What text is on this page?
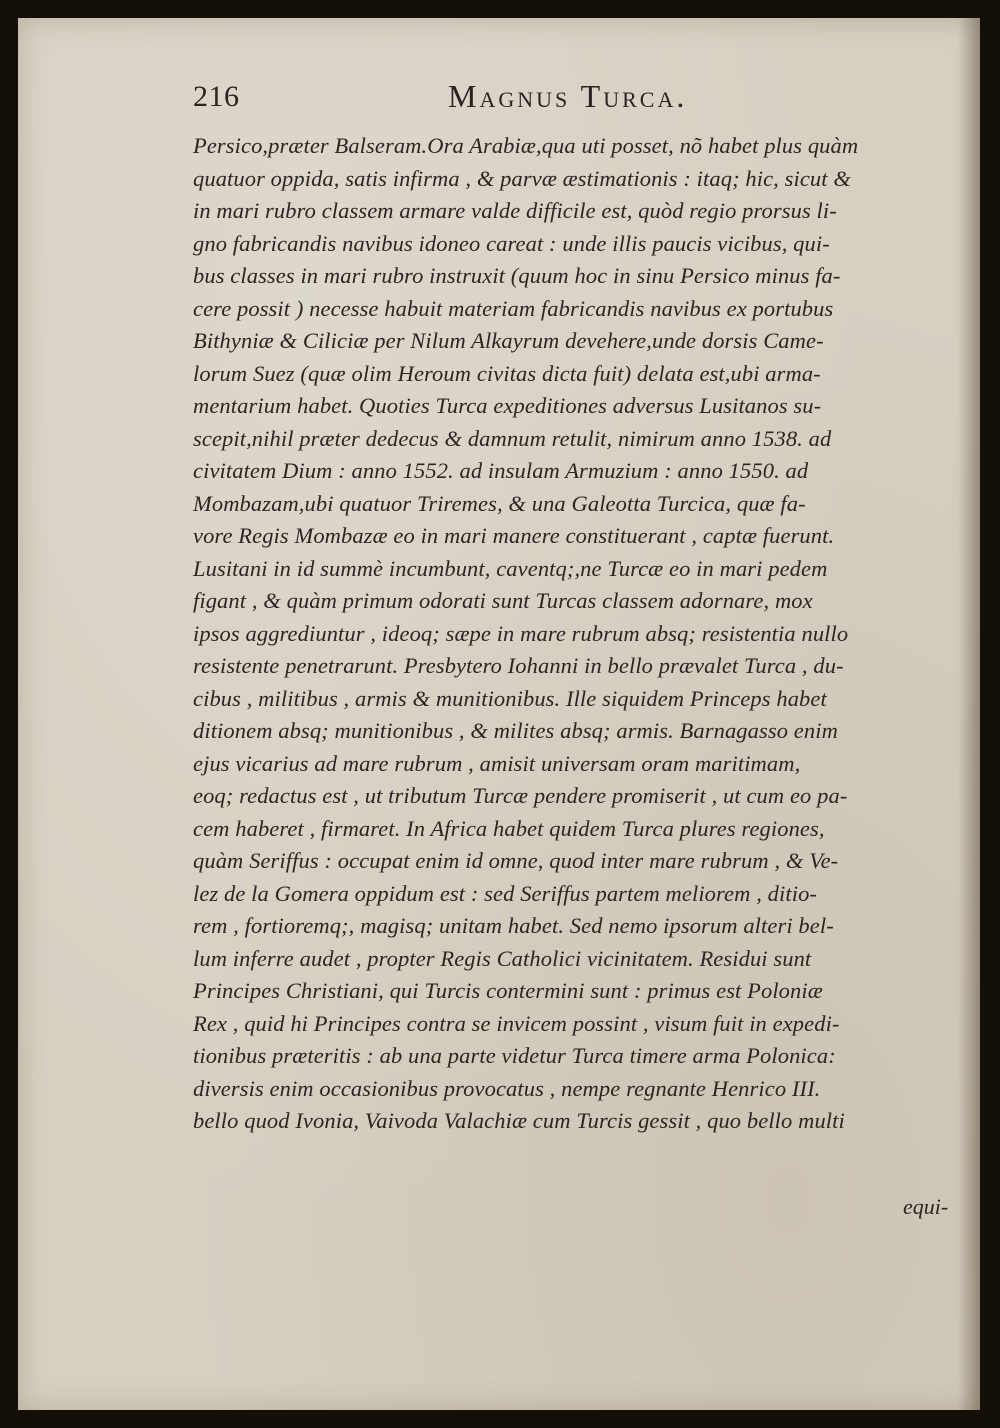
216	Magnus Turca.
Persico,præter Balseram.Ora Arabiæ,qua uti posset, nõ habet plus quàm
quatuor oppida, satis infirma , & parvæ æstimationis : itaq; hic, sicut &
in mari rubro classem armare valde difficile est, quòd regio prorsus li-
gno fabricandis navibus idoneo careat : unde illis paucis vicibus, qui-
bus classes in mari rubro instruxit (quum hoc in sinu Persico minus fa-
cere possit ) necesse habuit materiam fabricandis navibus ex portubus
Bithyniæ & Ciliciæ per Nilum Alkayrum devehere,unde dorsis Came-
lorum Suez (quæ olim Heroum civitas dicta fuit) delata est,ubi arma-
mentarium habet. Quoties Turca expeditiones adversus Lusitanos su-
scepit,nihil præter dedecus & damnum retulit, nimirum anno 1538. ad
civitatem Dium : anno 1552. ad insulam Armuzium : anno 1550. ad
Mombazam,ubi quatuor Triremes, & una Galeotta Turcica, quæ fa-
vore Regis Mombazæ eo in mari manere constituerant , captæ fuerunt.
Lusitani in id summè incumbunt, caventq;,ne Turcæ eo in mari pedem
figant , & quàm primum odorati sunt Turcas classem adornare, mox
ipsos aggrediuntur , ideoq; sæpe in mare rubrum absq; resistentia nullo
resistente penetrarunt. Presbytero Iohanni in bello prævalet Turca , du-
cibus , militibus , armis & munitionibus. Ille siquidem Princeps habet
ditionem absq; munitionibus , & milites absq; armis. Barnagasso enim
ejus vicarius ad mare rubrum , amisit universam oram maritimam,
eoq; redactus est , ut tributum Turcæ pendere promiserit , ut cum eo pa-
cem haberet , firmaret. In Africa habet quidem Turca plures regiones,
quàm Seriffus : occupat enim id omne, quod inter mare rubrum , & Ve-
lez de la Gomera oppidum est : sed Seriffus partem meliorem , ditio-
rem , fortioremq;, magisq; unitam habet. Sed nemo ipsorum alteri bel-
lum inferre audet , propter Regis Catholici vicinitatem. Residui sunt
Principes Christiani, qui Turcis contermini sunt : primus est Poloniæ
Rex , quid hi Principes contra se invicem possint , visum fuit in expedi-
tionibus præteritis : ab una parte videtur Turca timere arma Polonica:
diversis enim occasionibus provocatus , nempe regnante Henrico III.
bello quod Ivonia, Vaivoda Valachiæ cum Turcis gessit , quo bello multi
equi-
